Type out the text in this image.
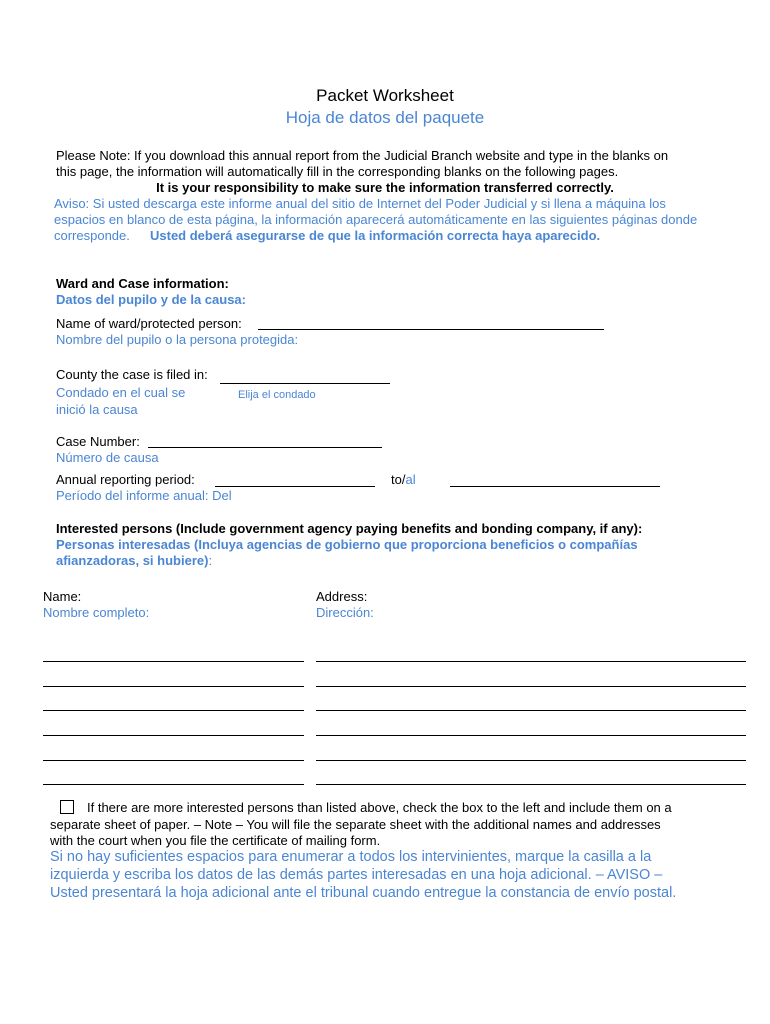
Packet Worksheet
Hoja de datos del paquete
Please Note: If you download this annual report from the Judicial Branch website and type in the blanks on
this page, the information will automatically fill in the corresponding blanks on the following pages.
It is your responsibility to make sure the information transferred correctly.
Aviso: Si usted descarga este informe anual del sitio de Internet del Poder Judicial y si llena a máquina los
espacios en blanco de esta página, la información aparecerá automáticamente en las siguientes páginas donde
corresponde. Usted deberá asegurarse de que la información correcta haya aparecido.
Ward and Case information:
Datos del pupilo y de la causa:
Name of ward/protected person:
Nombre del pupilo o la persona protegida:
County the case is filed in:
Condado en el cual se
inició la causa
Elija el condado
Case Number:
Número de causa
Annual reporting period:	to/al
Período del informe anual: Del
Interested persons (Include government agency paying benefits and bonding company, if any):
Personas interesadas (Incluya agencias de gobierno que proporciona beneficios o compañías
afianzadoras, si hubiere):
Name:
Nombre completo:
Address:
Dirección:
If there are more interested persons than listed above, check the box to the left and include them on a
separate sheet of paper. – Note – You will file the separate sheet with the additional names and addresses
with the court when you file the certificate of mailing form.
Si no hay suficientes espacios para enumerar a todos los intervinientes, marque la casilla a la
izquierda y escriba los datos de las demás partes interesadas en una hoja adicional. – AVISO –
Usted presentará la hoja adicional ante el tribunal cuando entregue la constancia de envío postal.
